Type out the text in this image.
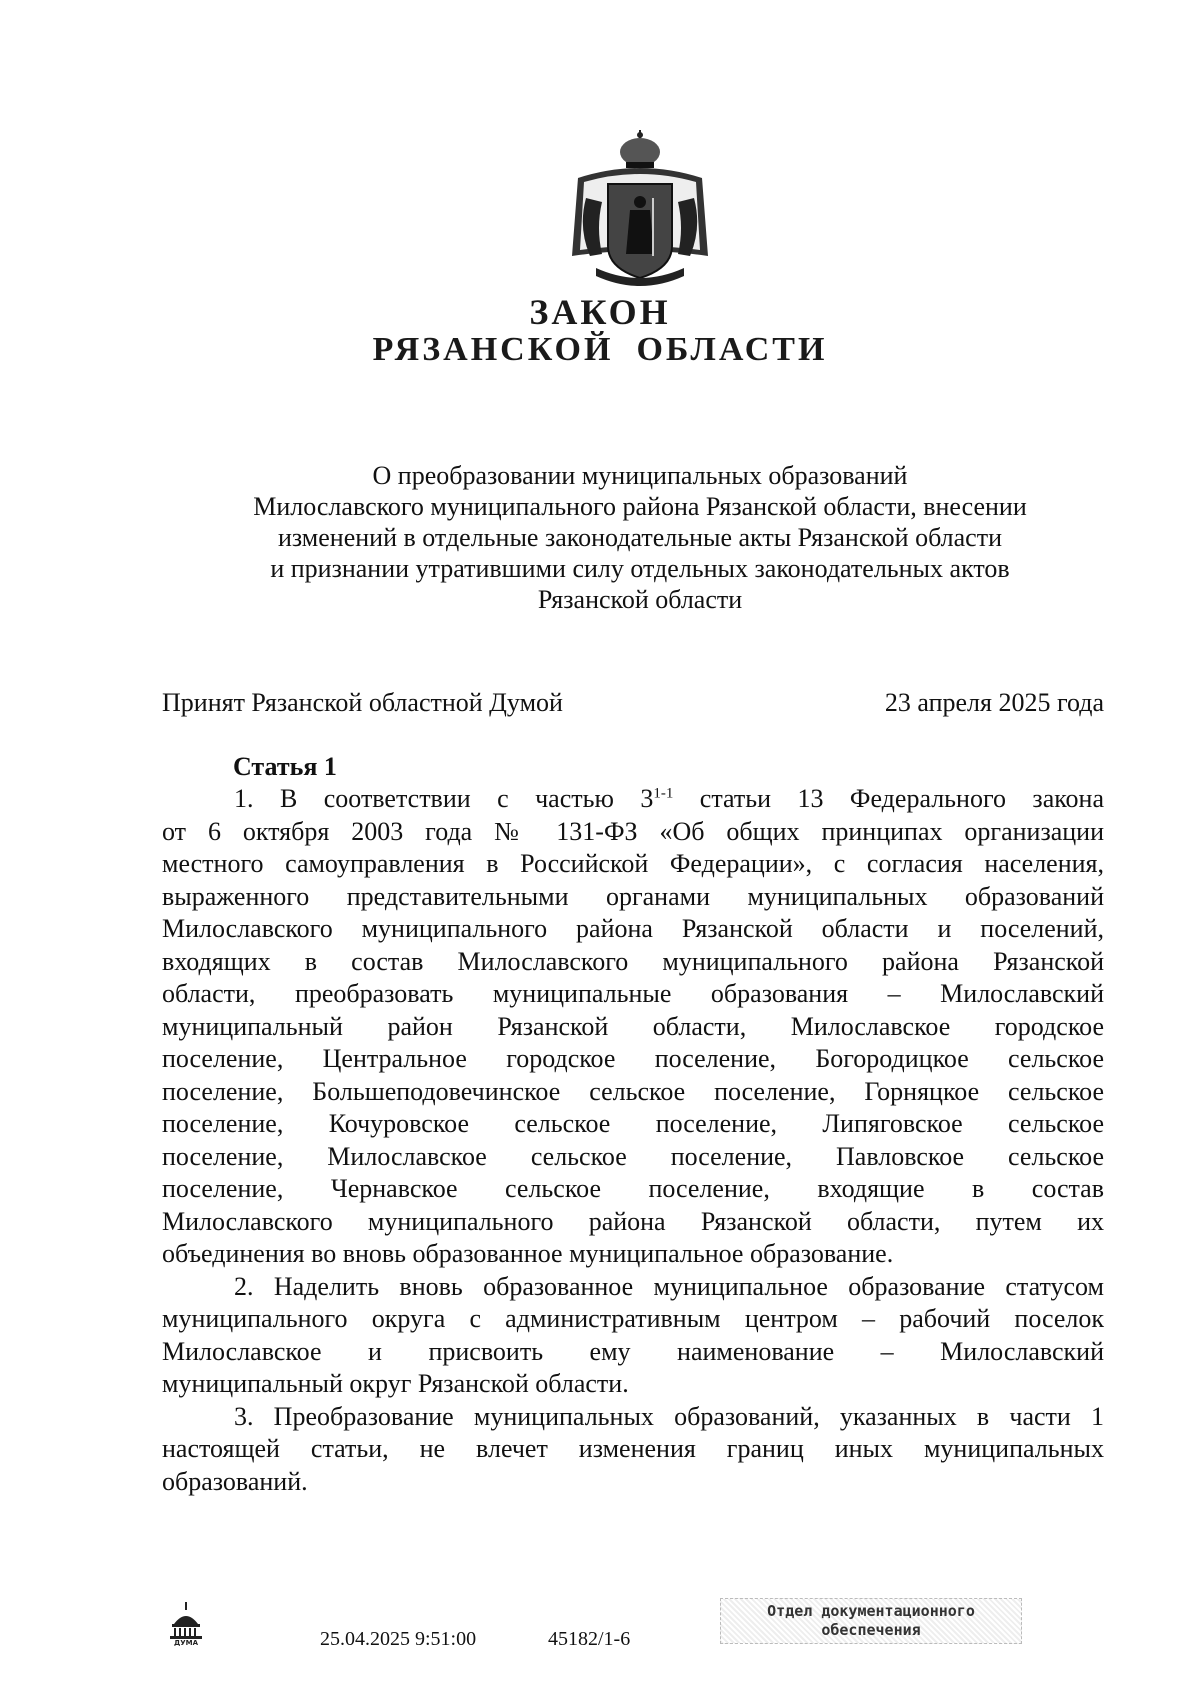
ЗАКОН
РЯЗАНСКОЙ  ОБЛАСТИ
О преобразовании муниципальных образований
Милославского муниципального района Рязанской области, внесении
изменений в отдельные законодательные акты Рязанской области
и признании утратившими силу отдельных законодательных актов
Рязанской области
Принят Рязанской областной Думой	23 апреля 2025 года
Статья 1
1. В соответствии с частью 3$^{1-1}$ статьи 13 Федерального закона
от 6 октября 2003 года № 131-ФЗ «Об общих принципах организации
местного самоуправления в Российской Федерации», с согласия населения,
выраженного представительными органами муниципальных образований
Милославского муниципального района Рязанской области и поселений,
входящих в состав Милославского муниципального района Рязанской
области, преобразовать муниципальные образования – Милославский
муниципальный район Рязанской области, Милославское городское
поселение, Центральное городское поселение, Богородицкое сельское
поселение, Большеподовечинское сельское поселение, Горняцкое сельское
поселение, Кочуровское сельское поселение, Липяговское сельское
поселение, Милославское сельское поселение, Павловское сельское
поселение, Чернавское сельское поселение, входящие в состав
Милославского муниципального района Рязанской области, путем их
объединения во вновь образованное муниципальное образование.
2. Наделить вновь образованное муниципальное образование статусом
муниципального округа с административным центром – рабочий поселок
Милославское и присвоить ему наименование – Милославский
муниципальный округ Рязанской области.
3. Преобразование муниципальных образований, указанных в части 1
настоящей статьи, не влечет изменения границ иных муниципальных
образований.
ДУМА	25.04.2025 9:51:00	45182/1-6
Отдел документационного
обеспечения
